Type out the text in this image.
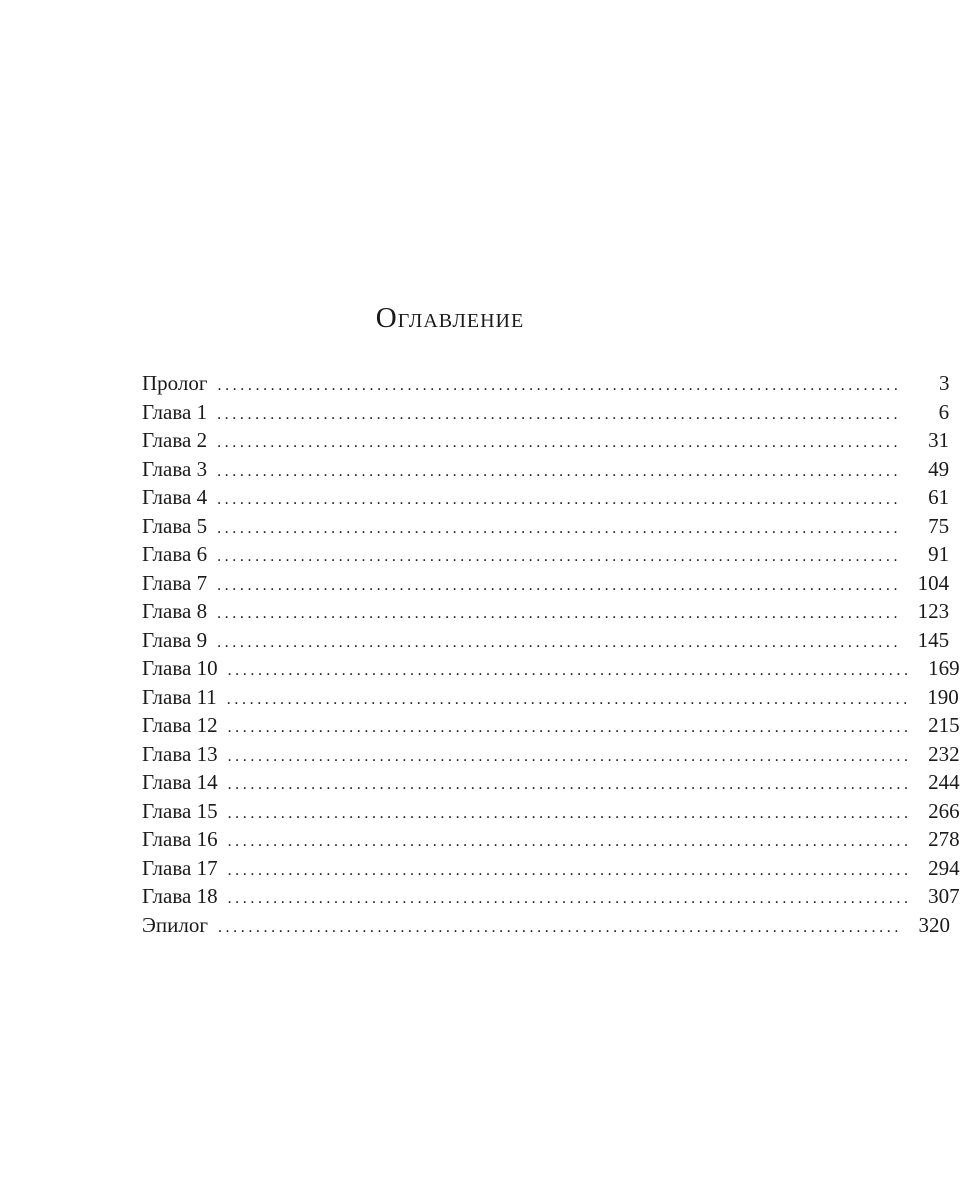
Оглавление
Пролог ..........................................................................................	3
Глава 1 ..........................................................................................	6
Глава 2 ..........................................................................................	31
Глава 3 ..........................................................................................	49
Глава 4 ..........................................................................................	61
Глава 5 ..........................................................................................	75
Глава 6 ..........................................................................................	91
Глава 7 .......................................................................................... 104
Глава 8 .......................................................................................... 123
Глава 9 .......................................................................................... 145
Глава 10 .......................................................................................... 169
Глава 11 .......................................................................................... 190
Глава 12 .......................................................................................... 215
Глава 13 .......................................................................................... 232
Глава 14 .......................................................................................... 244
Глава 15 .......................................................................................... 266
Глава 16 .......................................................................................... 278
Глава 17 .......................................................................................... 294
Глава 18 .......................................................................................... 307
Эпилог .......................................................................................... 320
